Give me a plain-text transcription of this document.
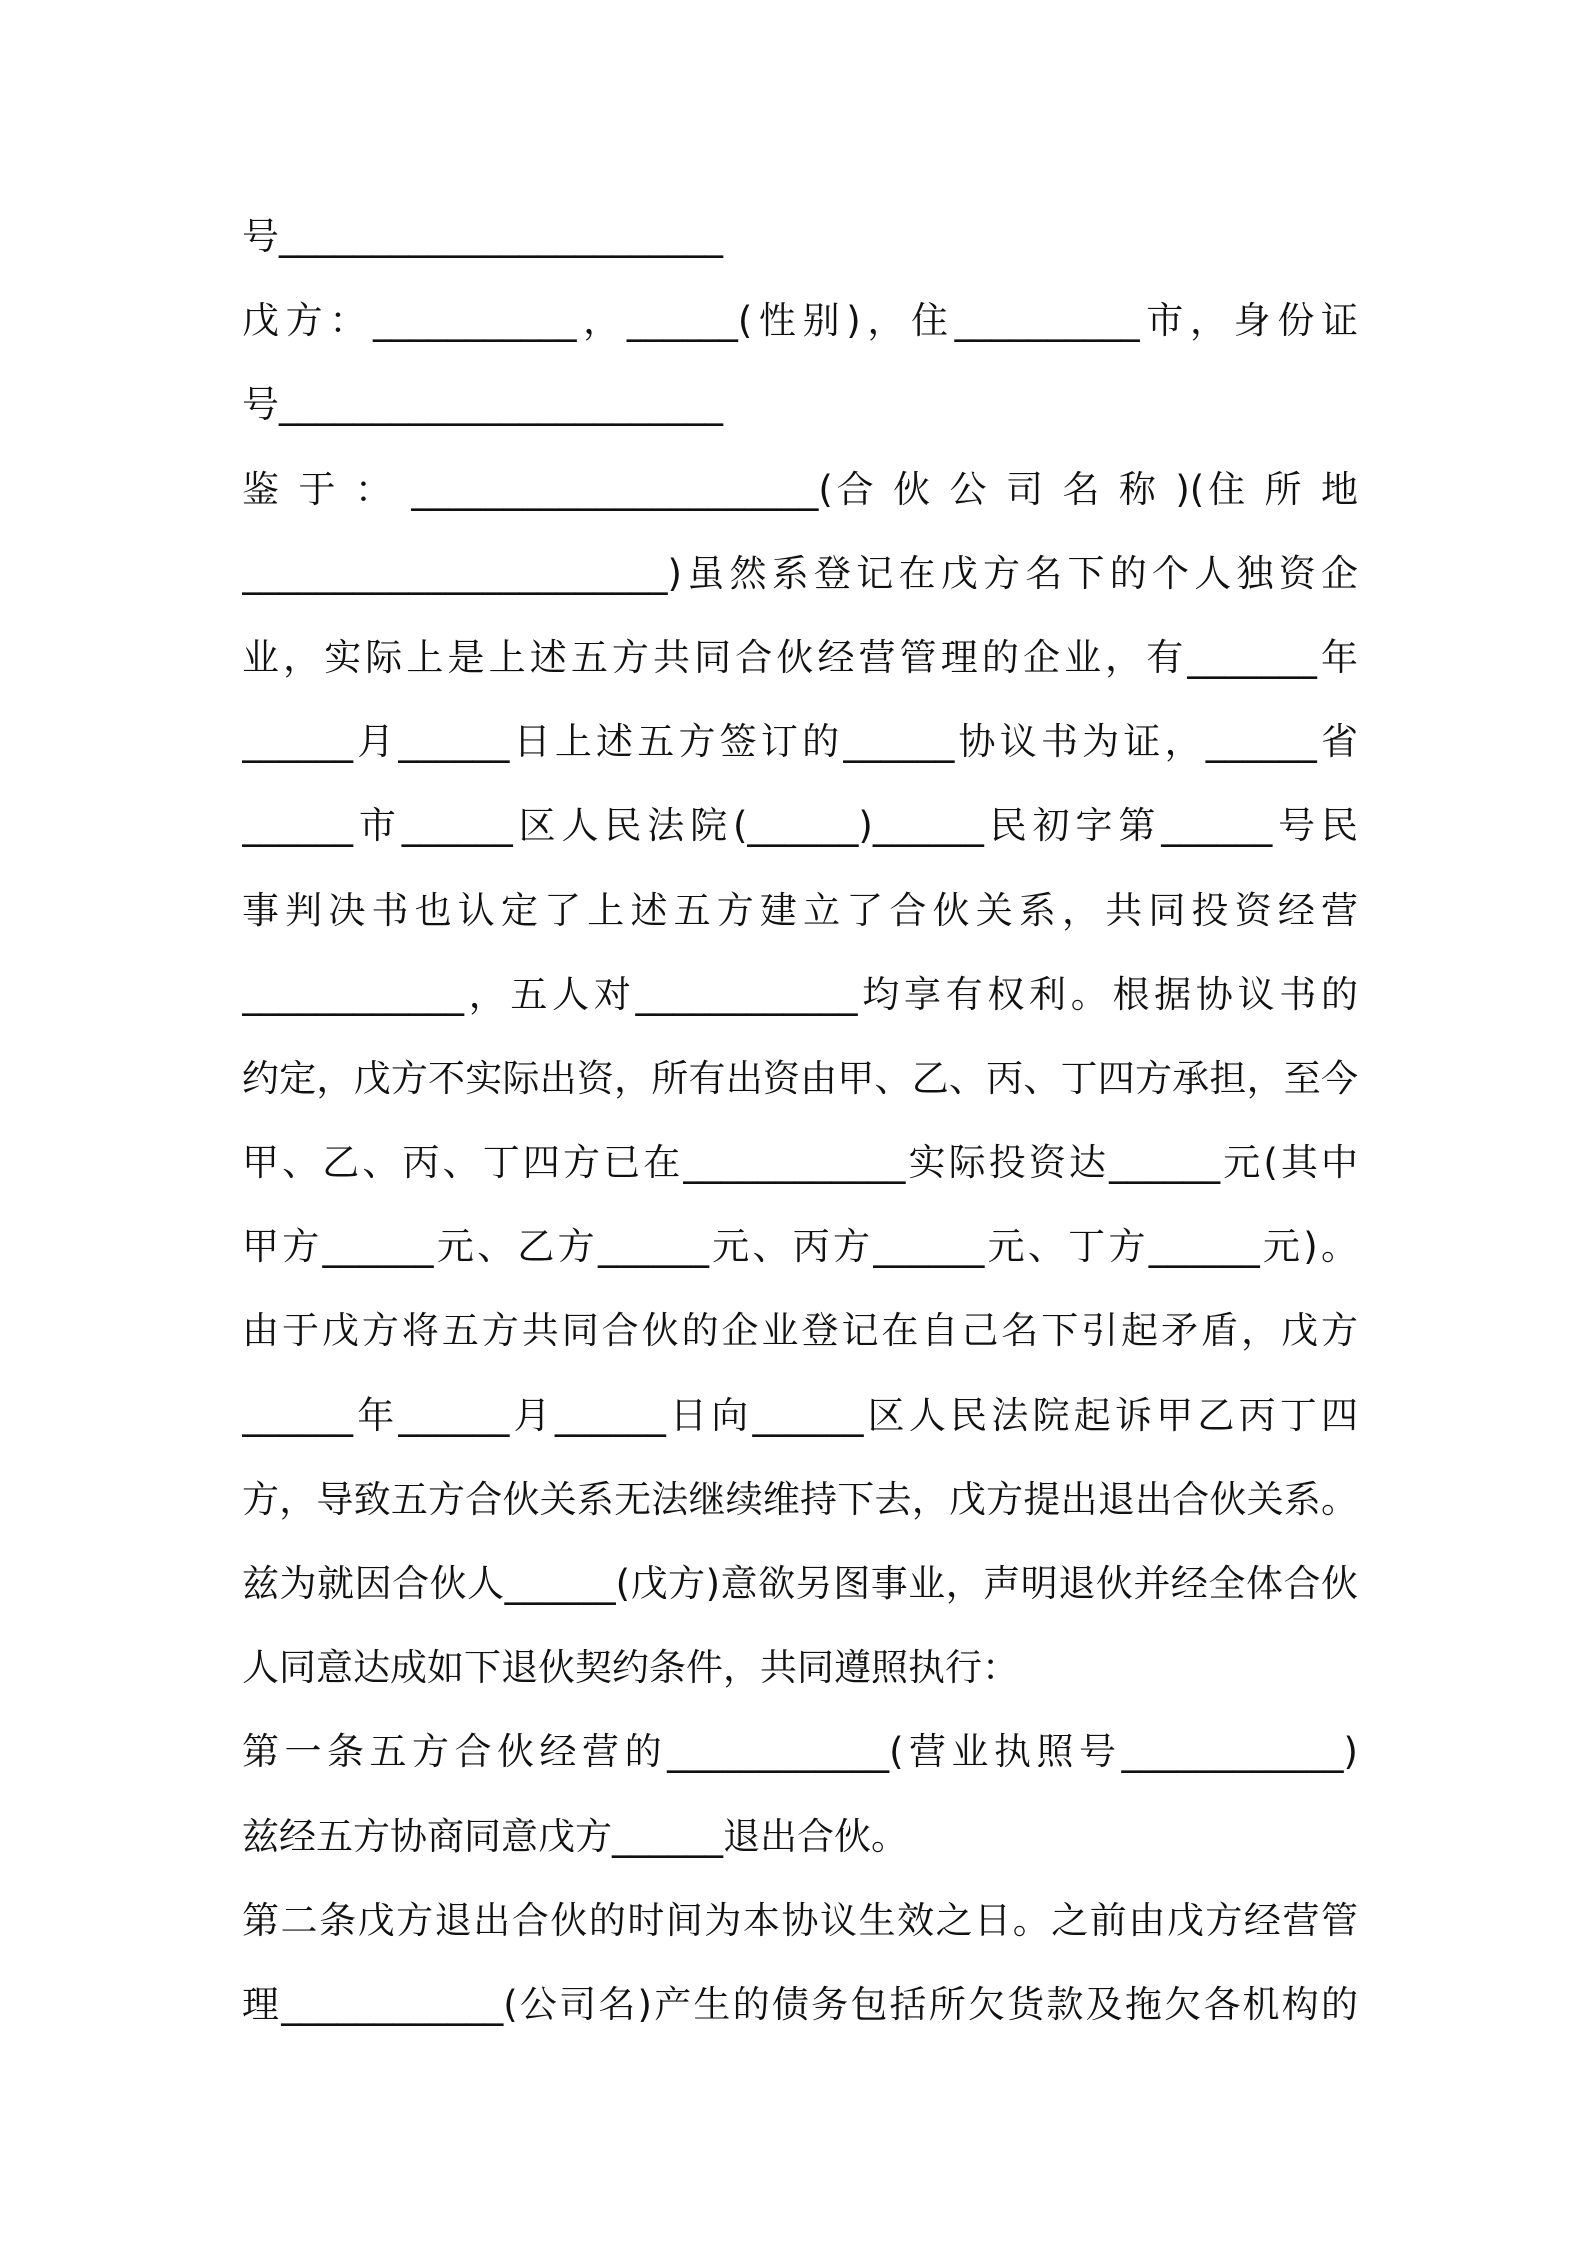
号________________________
戊方：___________，______(性别)，住__________市，身份证
号________________________
鉴 于 ： ______________________(合 伙 公 司 名 称 )(住 所 地
_______________________)虽然系登记在戊方名下的个人独资企
业，实际上是上述五方共同合伙经营管理的企业，有_______年
______月______日上述五方签订的______协议书为证，______省
______市______区人民法院(______)______民初字第______号民
事判决书也认定了上述五方建立了合伙关系，共同投资经营
____________，五人对____________均享有权利。根据协议书的
约定，戊方不实际出资，所有出资由甲、乙、丙、丁四方承担，至今
甲、乙、丙、丁四方已在____________实际投资达______元(其中
甲方______元、乙方______元、丙方______元、丁方______元)。
由于戊方将五方共同合伙的企业登记在自己名下引起矛盾，戊方
______年______月______日向______区人民法院起诉甲乙丙丁四
方，导致五方合伙关系无法继续维持下去，戊方提出退出合伙关系。
兹为就因合伙人______(戊方)意欲另图事业，声明退伙并经全体合伙
人同意达成如下退伙契约条件，共同遵照执行：
第一条五方合伙经营的____________(营业执照号____________)
兹经五方协商同意戊方______退出合伙。
第二条戊方退出合伙的时间为本协议生效之日。之前由戊方经营管
理____________(公司名)产生的债务包括所欠货款及拖欠各机构的
